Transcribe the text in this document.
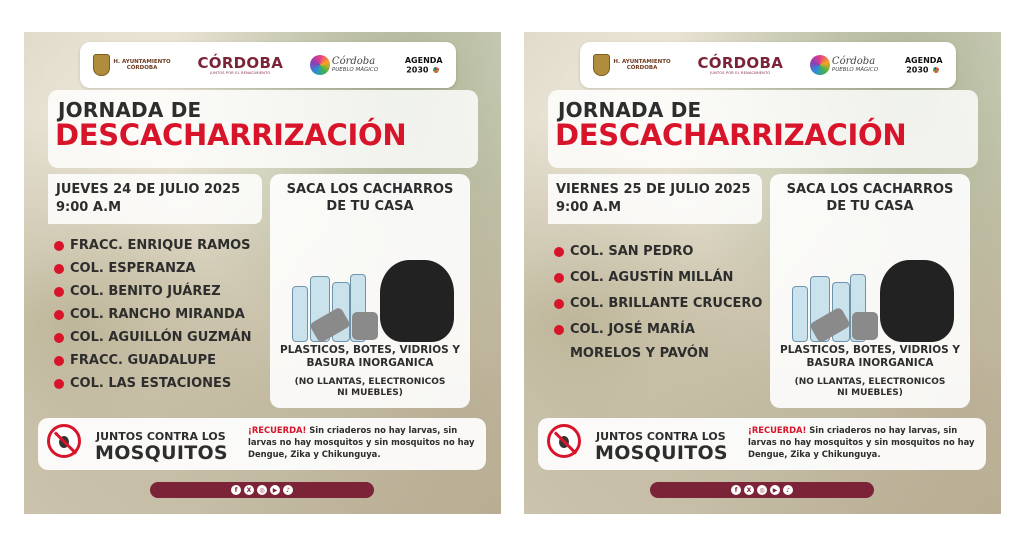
H. AYUNTAMIENTO
CÓRDOBA	CÓRDOBA
JUNTOS POR EL RENACIMIENTO
Córdoba
PUEBLO MÁGICO
AGENDA
2030
JORNADA DE
DESCACHARRIZACIÓN
JUEVES 24 DE JULIO 2025
9:00 A.M
FRACC. ENRIQUE RAMOS
COL. ESPERANZA
COL. BENITO JUÁREZ
COL. RANCHO MIRANDA
COL. AGUILLÓN GUZMÁN
FRACC. GUADALUPE
COL. LAS ESTACIONES
SACA LOS CACHARROS
DE TU CASA
PLASTICOS, BOTES, VIDRIOS Y
BASURA INORGANICA
(NO LLANTAS, ELECTRONICOS
NI MUEBLES)
JUNTOS CONTRA LOS
MOSQUITOS
¡RECUERDA! Sin criaderos no hay larvas, sin larvas no hay mosquitos y sin mosquitos no hay Dengue, Zika y Chikunguya.
f	X	◎	▶	♪
H. AYUNTAMIENTO
CÓRDOBA	CÓRDOBA
JUNTOS POR EL RENACIMIENTO
Córdoba
PUEBLO MÁGICO
AGENDA
2030
JORNADA DE
DESCACHARRIZACIÓN
VIERNES 25 DE JULIO 2025
9:00 A.M
COL. SAN PEDRO
COL. AGUSTÍN MILLÁN
COL. BRILLANTE CRUCERO
COL. JOSÉ MARÍA
MORELOS Y PAVÓN
SACA LOS CACHARROS
DE TU CASA
PLASTICOS, BOTES, VIDRIOS Y
BASURA INORGANICA
(NO LLANTAS, ELECTRONICOS
NI MUEBLES)
JUNTOS CONTRA LOS
MOSQUITOS
¡RECUERDA! Sin criaderos no hay larvas, sin larvas no hay mosquitos y sin mosquitos no hay Dengue, Zika y Chikunguya.
f	X	◎	▶	♪
